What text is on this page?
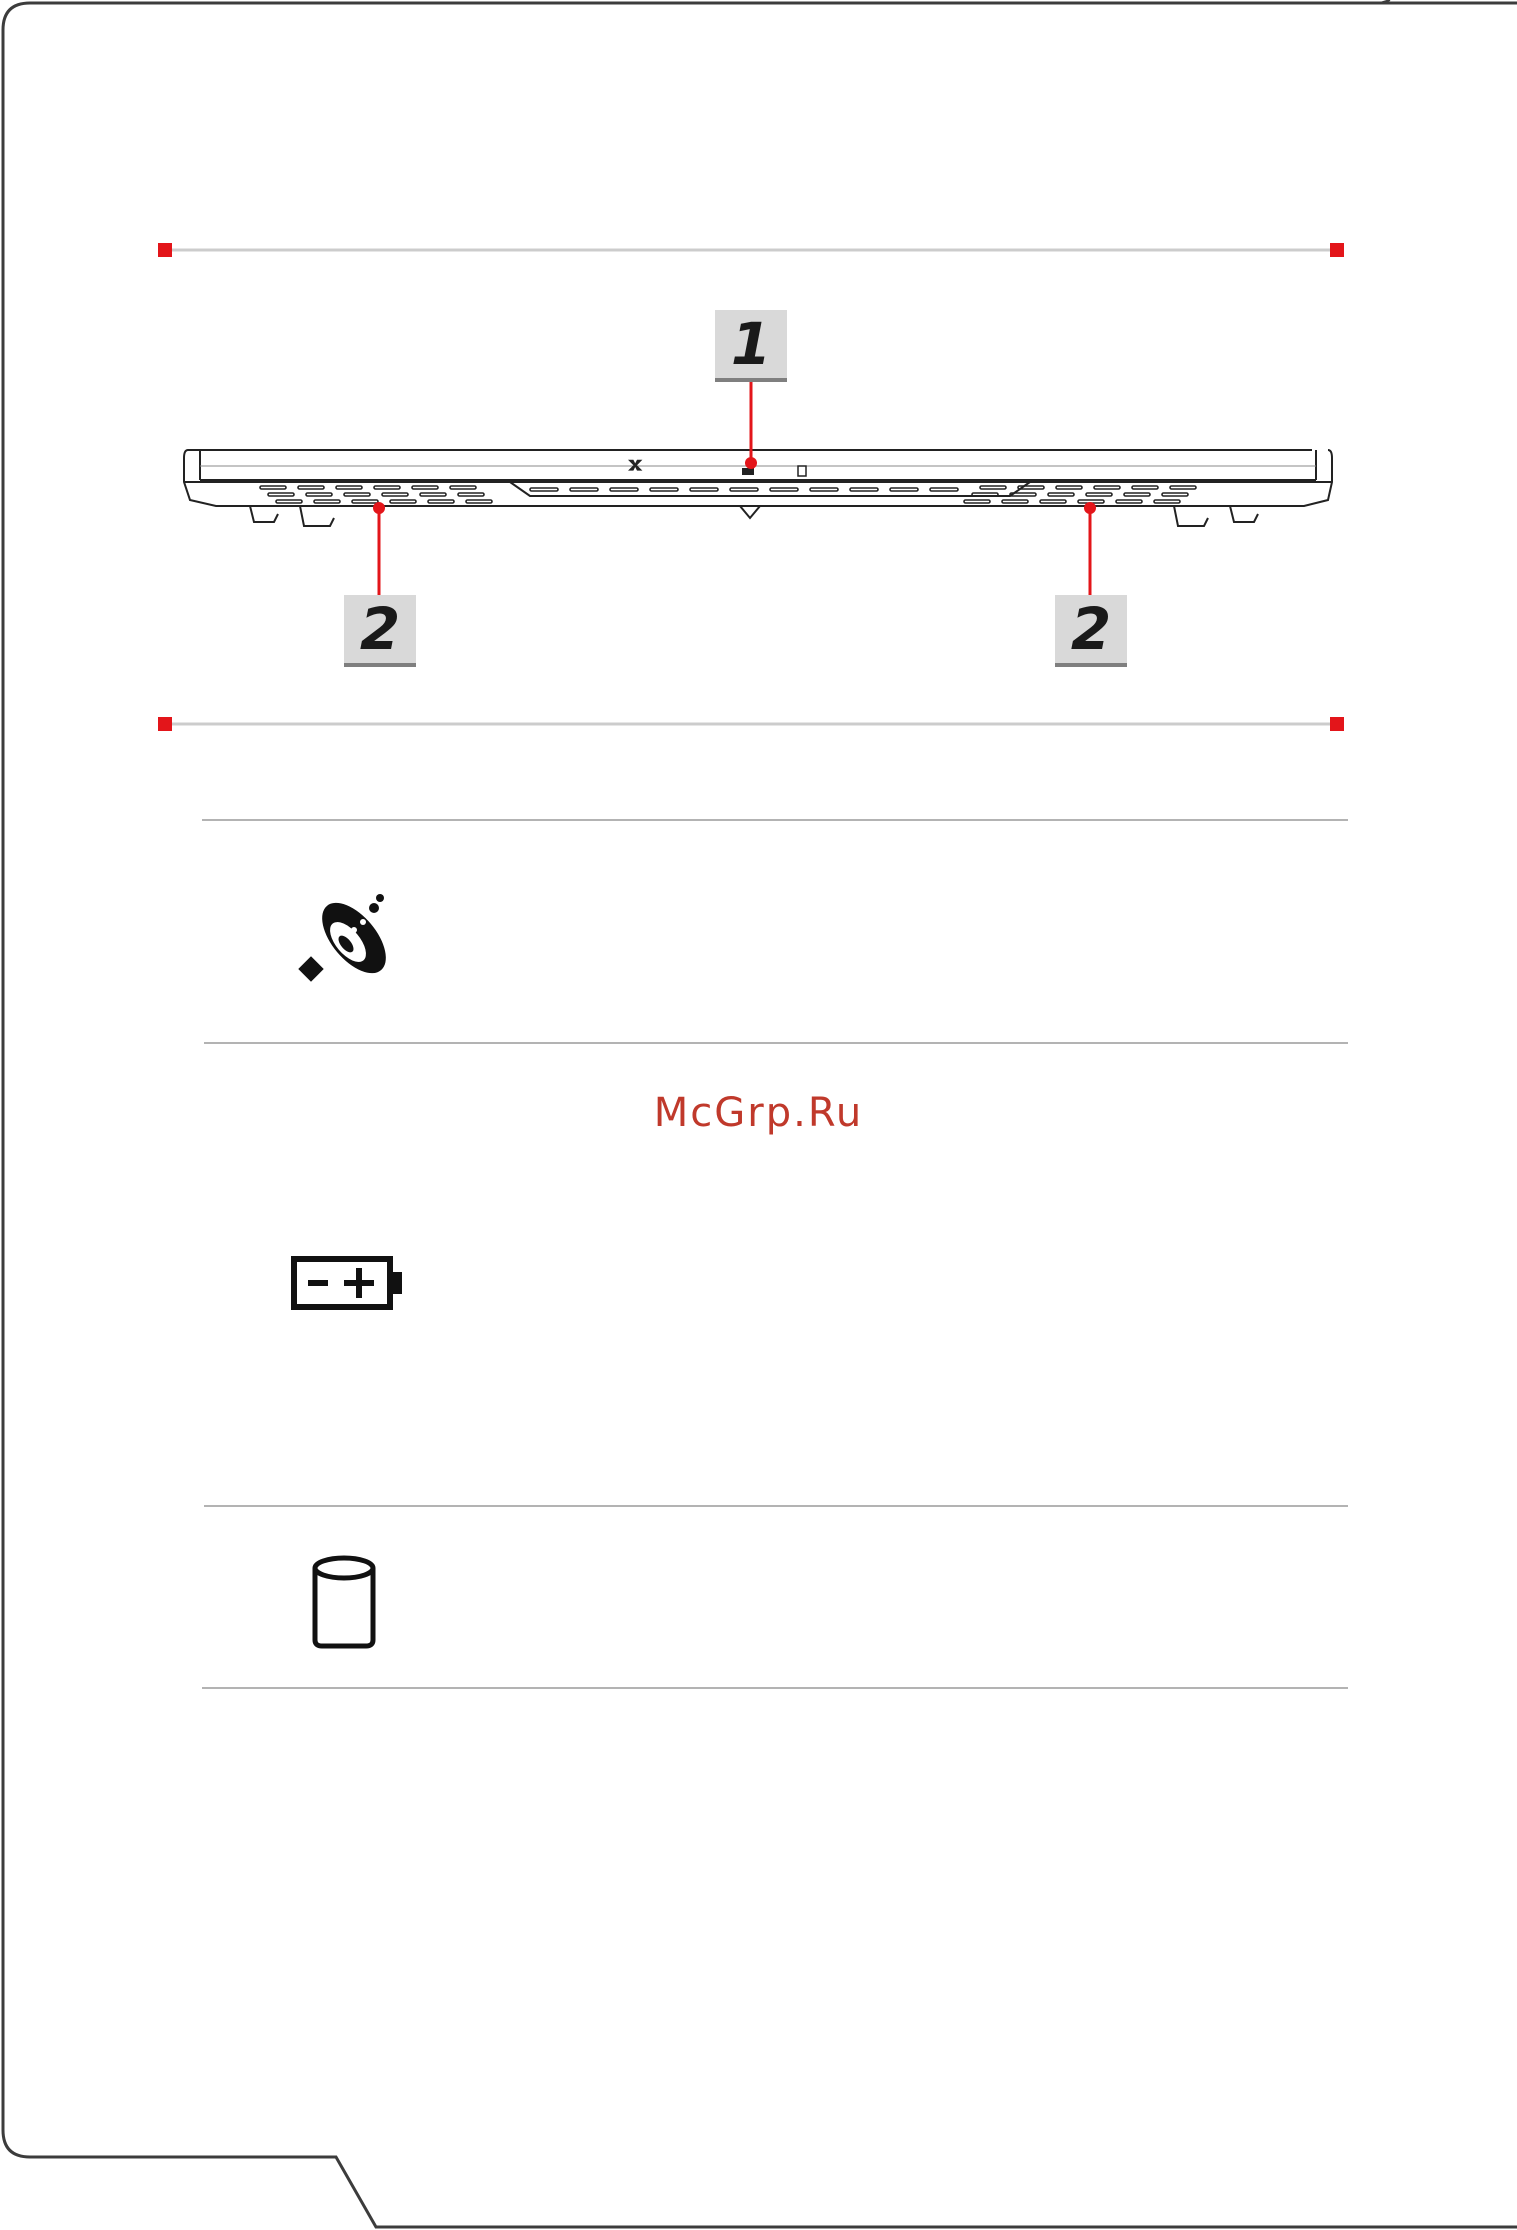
1
2	2
McGrp.Ru
